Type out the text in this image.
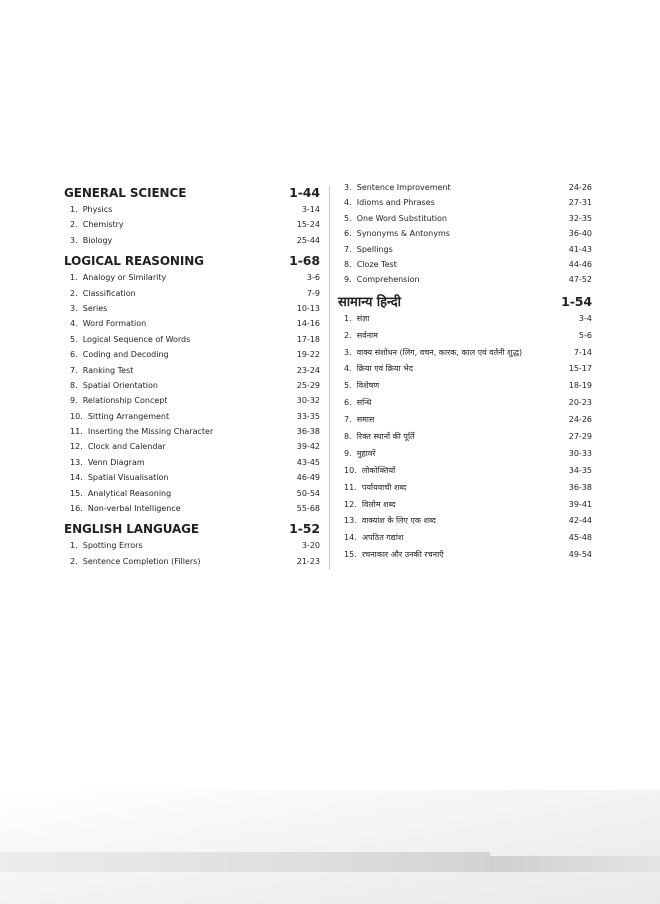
GENERAL SCIENCE	1-44
1. Physics	3-14
2. Chemistry	15-24
3. Biology	25-44
LOGICAL REASONING	1-68
1. Analogy or Similarity	3-6
2. Classification	7-9
3. Series	10-13
4. Word Formation	14-16
5. Logical Sequence of Words	17-18
6. Coding and Decoding	19-22
7. Ranking Test	23-24
8. Spatial Orientation	25-29
9. Relationship Concept	30-32
10. Sitting Arrangement	33-35
11. Inserting the Missing Character	36-38
12. Clock and Calendar	39-42
13. Venn Diagram	43-45
14. Spatial Visualisation	46-49
15. Analytical Reasoning	50-54
16. Non-verbal Intelligence	55-68
ENGLISH LANGUAGE	1-52
1. Spotting Errors	3-20
2. Sentence Completion (Fillers)	21-23
3. Sentence Improvement	24-26
4. Idioms and Phrases	27-31
5. One Word Substitution	32-35
6. Synonyms & Antonyms	36-40
7. Spellings	41-43
8. Cloze Test	44-46
9. Comprehension	47-52
सामान्य हिन्दी	1-54
1. संज्ञा	3-4
2. सर्वनाम	5-6
3. वाक्य संशोधन (लिंग, वचन, कारक, काल एवं वर्तनी शुद्ध)	7-14
4. क्रिया एवं क्रिया भेद	15-17
5. विशेषण	18-19
6. सन्धि	20-23
7. समास	24-26
8. रिक्त स्थानों की पूर्ति	27-29
9. मुहावरें	30-33
10. लोकोक्तियाँ	34-35
11. पर्यायवाची शब्द	36-38
12. विलोम शब्द	39-41
13. वाक्यांश के लिए एक शब्द	42-44
14. अपठित गद्यांश	45-48
15. रचनाकार और उनकी रचनाएँ	49-54
